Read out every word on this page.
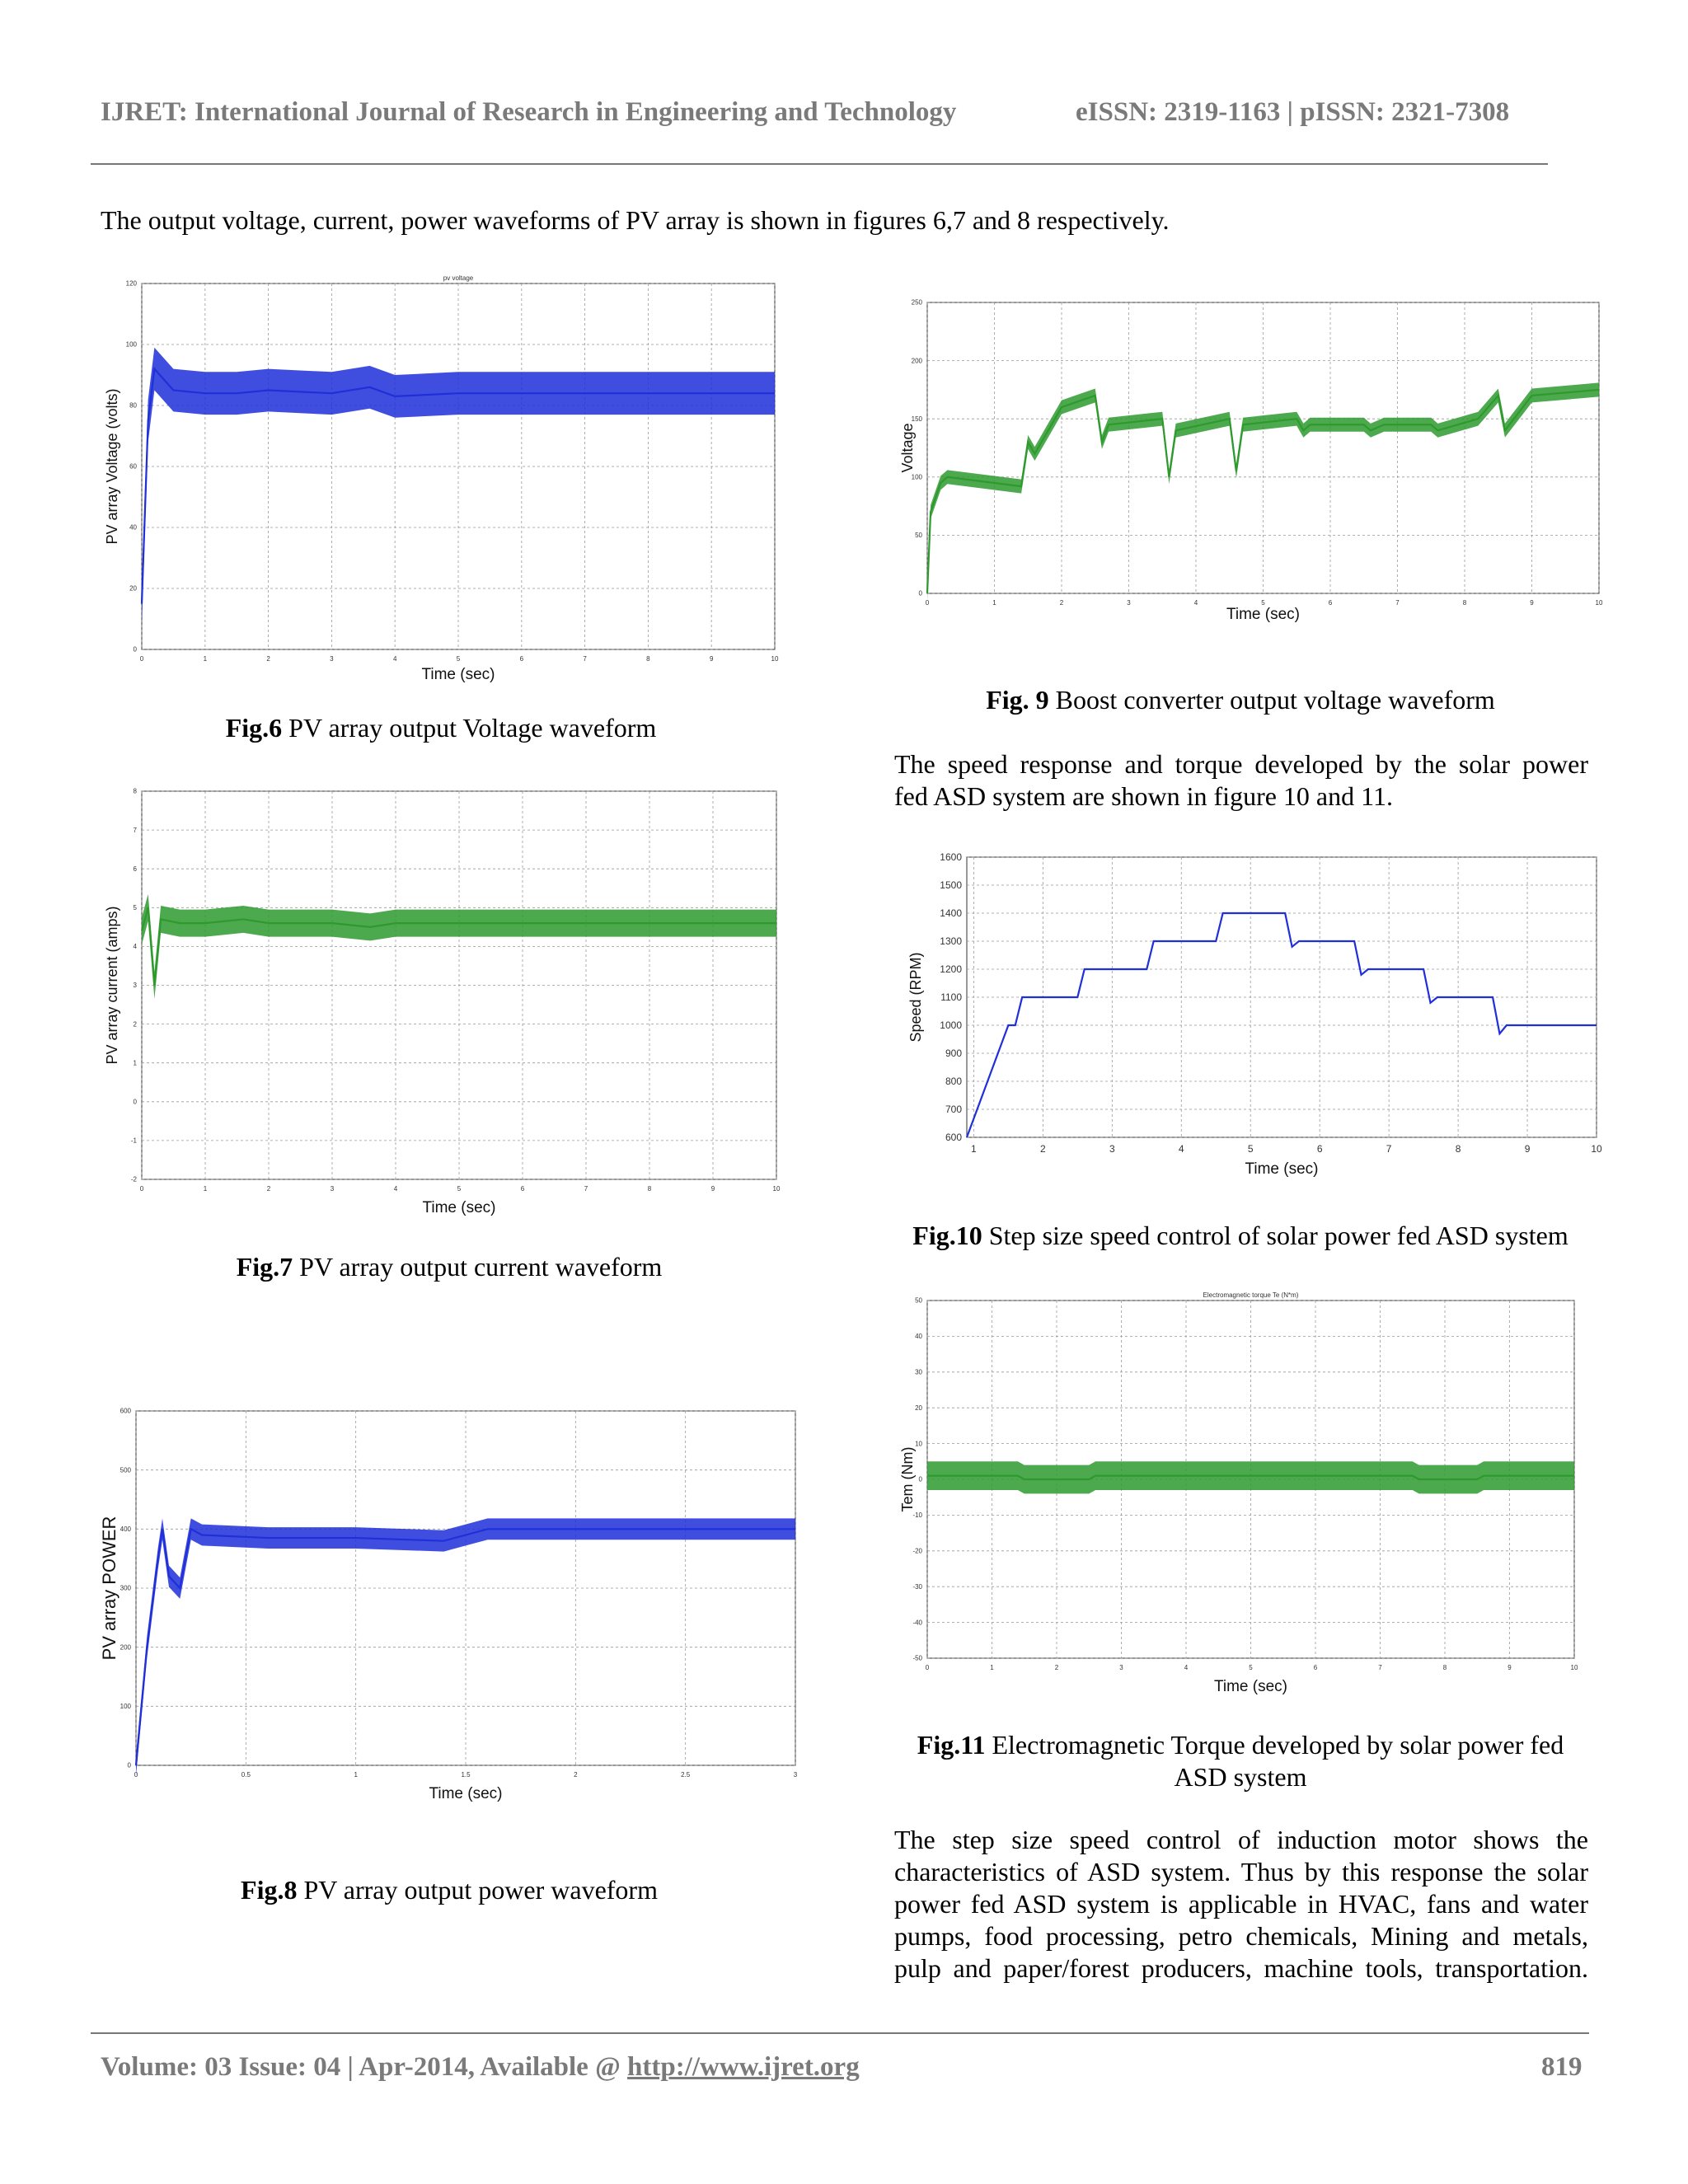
IJRET: International Journal of Research in Engineering and Technology	eISSN: 2319-1163 | pISSN: 2321-7308
The output voltage, current, power waveforms of PV array is shown in figures 6,7 and 8 respectively.
0	1	2	3	4	5	6	7	8	9	10
0
20
40
60
80
100
120
pv voltage
Time (sec)
PV array Voltage (volts)
Fig.6 PV array output Voltage waveform
0	1	2	3	4	5	6	7	8	9	10
-2
-1
0
1
2
3
4
5
6
7
8
Time (sec)
PV array current (amps)
Fig.7 PV array output current waveform
0	0.5	1	1.5	2	2.5	3
0
100
200
300
400
500
600
Time (sec)
PV array POWER
Fig.8 PV array output power waveform
0	1	2	3	4	5	6	7	8	9	10
0
50
100
150
200
250
Time (sec)
Voltage
Fig. 9 Boost converter output voltage waveform
The speed response and torque developed by the solar power
fed ASD system are shown in figure 10 and 11.
1	2	3	4	5	6	7	8	9	10
600
700
800
900
1000
1100
1200
1300
1400
1500
1600
Time (sec)
Speed (RPM)
Fig.10 Step size speed control of solar power fed ASD system
0	1	2	3	4	5	6	7	8	9	10
-50
-40
-30
-20
-10
0
10
20
30
40
50
Electromagnetic torque Te (N*m)
Time (sec)
Tem (Nm)
Fig.11 Electromagnetic Torque developed by solar power fed
ASD system
The step size speed control of induction motor shows the
characteristics of ASD system. Thus by this response the solar
power fed ASD system is applicable in HVAC, fans and water
pumps, food processing, petro chemicals, Mining and metals,
pulp and paper/forest producers, machine tools, transportation.
Volume: 03 Issue: 04 | Apr-2014, Available @ http://www.ijret.org	819
